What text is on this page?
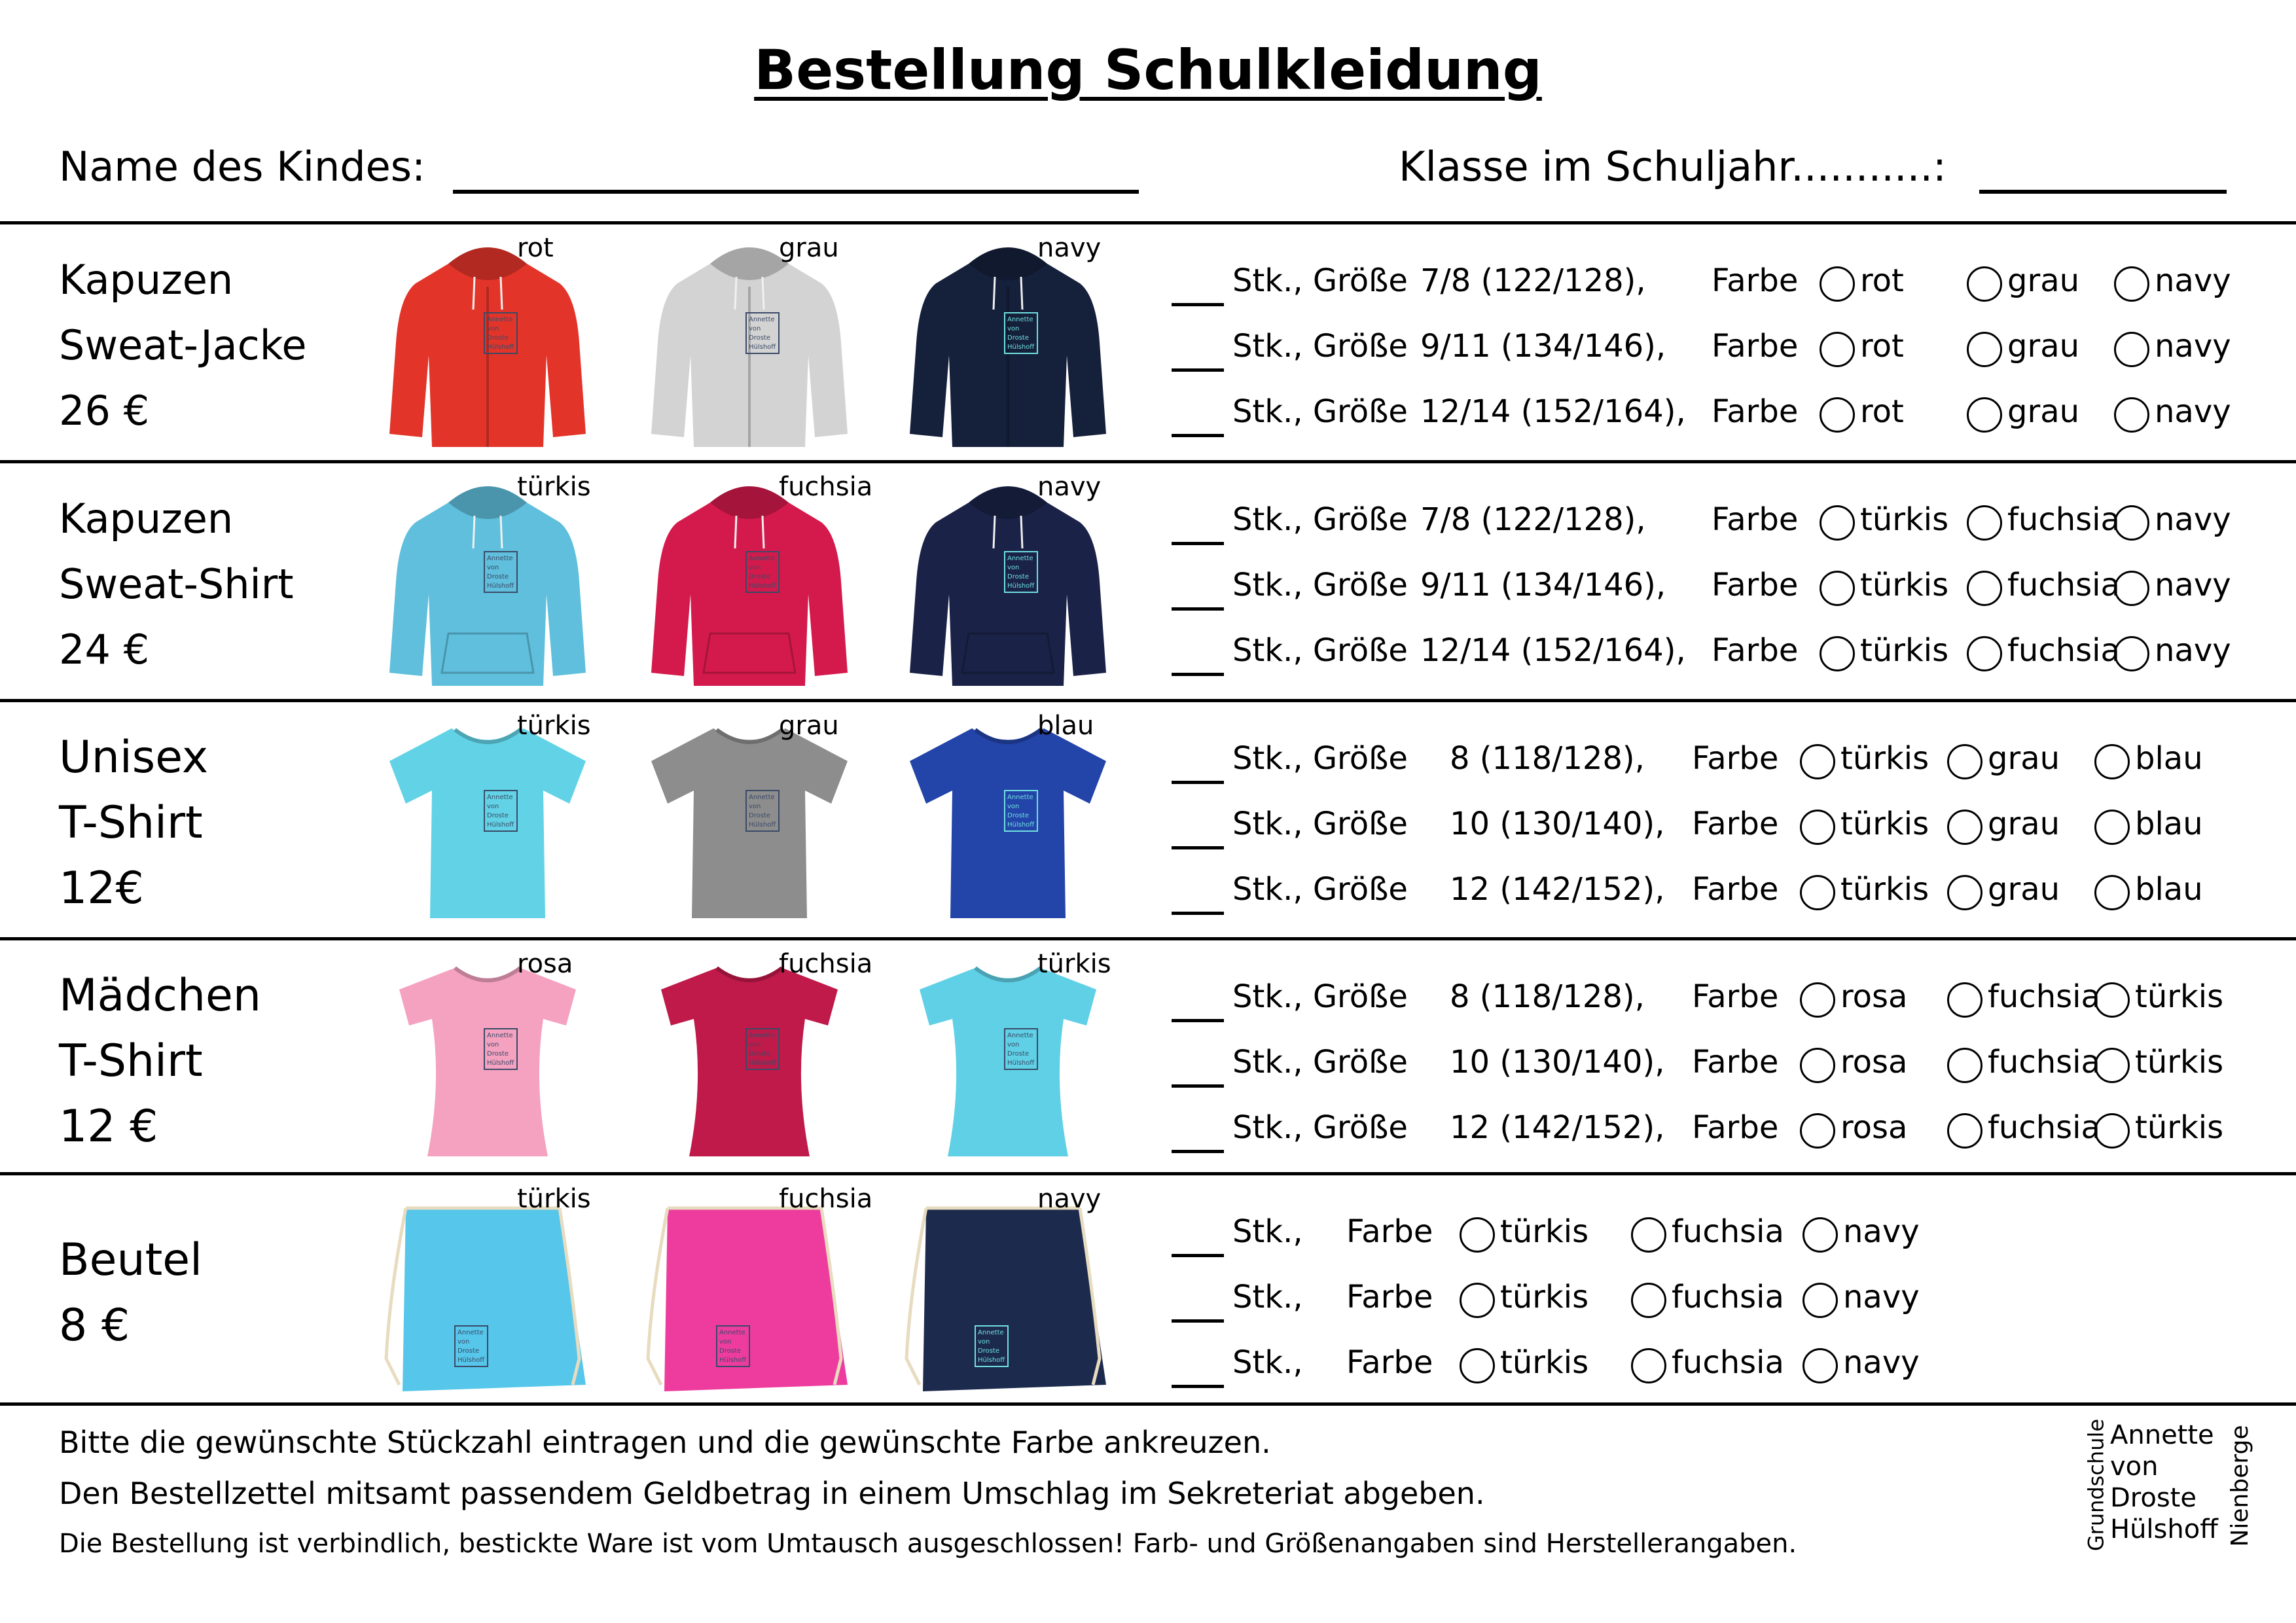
Bestellung Schulkleidung
Name des Kindes:	Klasse im Schuljahr...........:
Kapuzen
Sweat-Jacke
26 €
Annette
von
Droste
Hülshoff
rot
Annette
von
Droste
Hülshoff
grau
Annette
von
Droste
Hülshoff
navy
Stk., Größe 7/8 (122/128), Farbe rot	grau navy
Stk., Größe 9/11 (134/146), Farbe rot	grau navy
Stk., Größe 12/14 (152/164), Farbe rot	grau navy
Kapuzen
Sweat-Shirt
24 €
Annette
von
Droste
Hülshoff
türkis
Annette
von
Droste
Hülshoff
fuchsia
Annette
von
Droste
Hülshoff
navy
Stk., Größe 7/8 (122/128), Farbe türkis fuchsia navy
Stk., Größe 9/11 (134/146), Farbe türkis fuchsia navy
Stk., Größe 12/14 (152/164), Farbe türkis fuchsia navy
Unisex
T-Shirt
12€
Annette
von
Droste
Hülshoff
türkis
Annette
von
Droste
Hülshoff
grau
Annette
von
Droste
Hülshoff
blau
Stk., Größe 8 (118/128), Farbe türkis grau blau
Stk., Größe 10 (130/140), Farbe türkis grau blau
Stk., Größe 12 (142/152), Farbe türkis grau blau
Mädchen
T-Shirt
12 €
Annette
von
Droste
Hülshoff
rosa
Annette
von
Droste
Hülshoff
fuchsia
Annette
von
Droste
Hülshoff
türkis
Stk., Größe 8 (118/128), Farbe rosa	fuchsia türkis
Stk., Größe 10 (130/140), Farbe rosa	fuchsia türkis
Stk., Größe 12 (142/152), Farbe rosa	fuchsia türkis
Beutel
8 €	Annette
von
Droste
Hülshoff
türkis
Annette
von
Droste
Hülshoff
fuchsia
Annette
von
Droste
Hülshoff
navy
Stk., Farbe türkis	fuchsia navy
Stk., Farbe türkis	fuchsia navy
Stk., Farbe türkis	fuchsia navy
Bitte die gewünschte Stückzahl eintragen und die gewünschte Farbe ankreuzen.
Den Bestellzettel mitsamt passendem Geldbetrag in einem Umschlag im Sekreteriat abgeben.
Die Bestellung ist verbindlich, bestickte Ware ist vom Umtausch ausgeschlossen! Farb- und Größenangaben sind Herstellerangaben.	Grundschule Annette
von
Droste
Hülshoff Nienberge
